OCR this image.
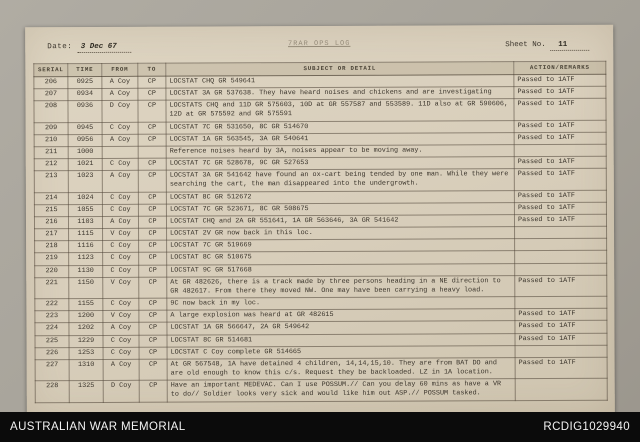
Date: 3 Dec 67	7RAR OPS LOG	Sheet No. 11
SERIAL	TIME	FROM	TO	SUBJECT OR DETAIL	ACTION/REMARKS
206	0925	A Coy	CP	LOCSTAT CHQ GR 549641	Passed to 1ATF
207	0934	A Coy	CP	LOCSTAT 3A GR 537638. They have heard noises and chickens and are investigating	Passed to 1ATF
208	0936	D Coy	CP	LOCSTATS CHQ and 11D GR 575603, 10D at GR 557587 and 553589. 11D also at GR 590606, 12D at GR 575592 and GR 575591	Passed to 1ATF
209	0945	C Coy	CP	LOCSTAT 7C GR 531650, 8C GR 514670	Passed to 1ATF
210	0956	A Coy	CP	LOCSTAT 1A GR 563545, 3A GR 540641	Passed to 1ATF
211	1000			Reference noises heard by 3A, noises appear to be moving away.	
212	1021	C Coy	CP	LOCSTAT 7C GR 528678, 9C GR 527653	Passed to 1ATF
213	1023	A Coy	CP	LOCSTAT 3A GR 541642 have found an ox-cart being tended by one man. While they were searching the cart, the man disappeared into the undergrowth.	Passed to 1ATF
214	1024	C Coy	CP	LOCSTAT 8C GR 512672	Passed to 1ATF
215	1055	C Coy	CP	LOCSTAT 7C GR 523671, 8C GR 508675	Passed to 1ATF
216	1103	A Coy	CP	LOCSTAT CHQ and 2A GR 551641, 1A GR 563646, 3A GR 541642	Passed to 1ATF
217	1115	V Coy	CP	LOCSTAT 2V GR now back in this loc.	
218	1116	C Coy	CP	LOCSTAT 7C GR 519669	
219	1123	C Coy	CP	LOCSTAT 8C GR 510675	
220	1130	C Coy	CP	LOCSTAT 9C GR 517668	
221	1150	V Coy	CP	At GR 482626, there is a track made by three persons heading in a NE direction to GR 482617. From there they moved NW. One may have been carrying a heavy load.	Passed to 1ATF
222	1155	C Coy	CP	9C now back in my loc.	
223	1200	V Coy	CP	A large explosion was heard at GR 482615	Passed to 1ATF
224	1202	A Coy	CP	LOCSTAT 1A GR 566647, 2A GR 549642	Passed to 1ATF
225	1229	C Coy	CP	LOCSTAT 8C GR 514681	Passed to 1ATF
226	1253	C Coy	CP	LOCSTAT C Coy complete GR 514665	
227	1310	A Coy	CP	At GR 567548, 1A have detained 4 children, 14,14,15,10. They are from BAT DO and are old enough to know this c/s. Request they be backloaded. LZ in 1A location.	Passed to 1ATF
228	1325	D Coy	CP	Have an important MEDEVAC. Can I use POSSUM.// Can you delay 60 mins as have a VR to do// Soldier looks very sick and would like him out ASP.// POSSUM tasked.	
AUSTRALIAN WAR MEMORIAL	RCDIG1029940
